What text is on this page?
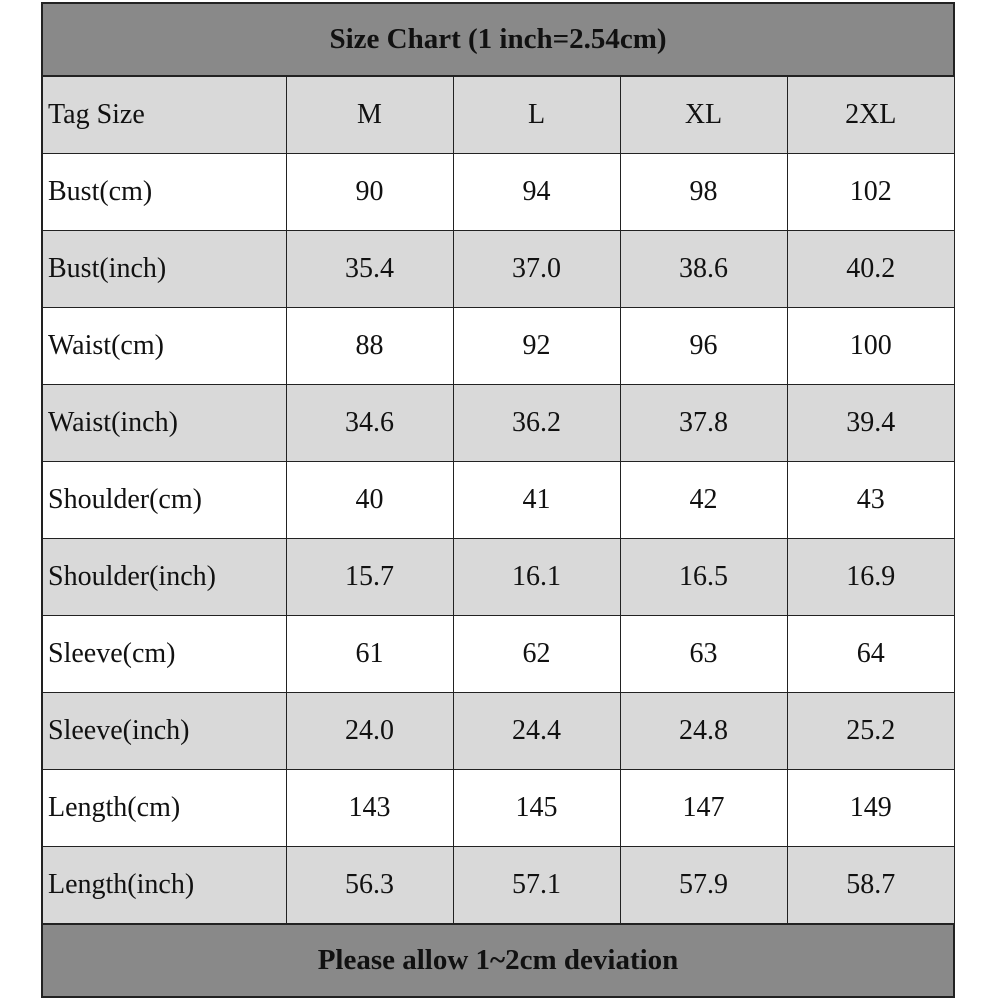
Size Chart (1 inch=2.54cm)
Tag Size	M	L	XL	2XL
Bust(cm)	90	94	98	102
Bust(inch)	35.4	37.0	38.6	40.2
Waist(cm)	88	92	96	100
Waist(inch)	34.6	36.2	37.8	39.4
Shoulder(cm)	40	41	42	43
Shoulder(inch)	15.7	16.1	16.5	16.9
Sleeve(cm)	61	62	63	64
Sleeve(inch)	24.0	24.4	24.8	25.2
Length(cm)	143	145	147	149
Length(inch)	56.3	57.1	57.9	58.7
Please allow 1~2cm deviation
